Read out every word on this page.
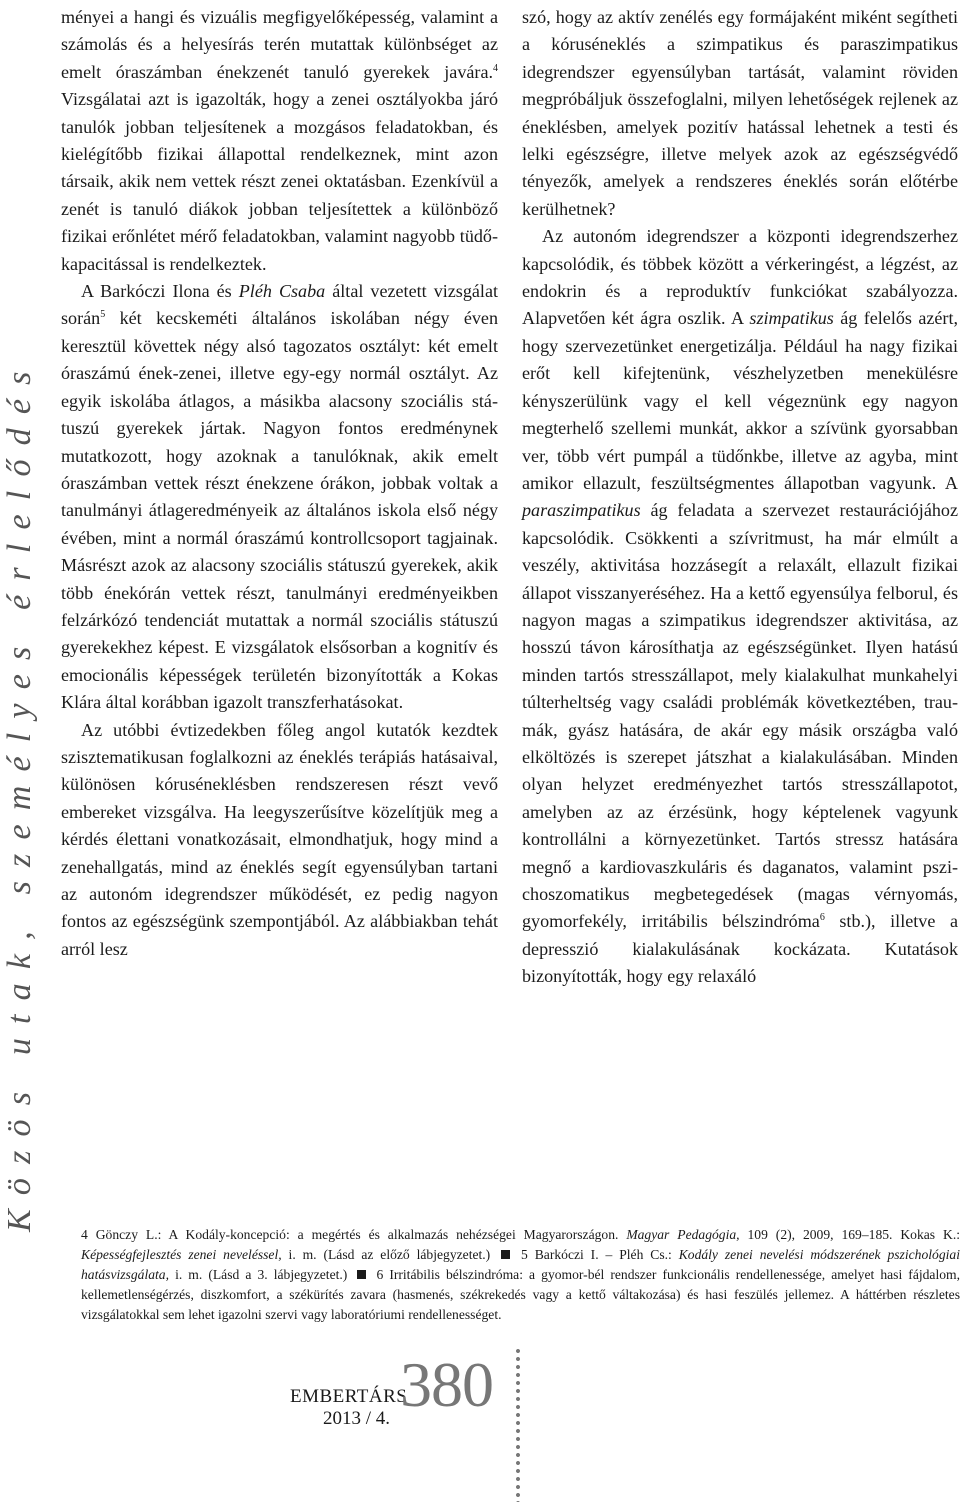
Közös utak, személyes érlelődés

ményei a hangi és vizuális megfigyelőképesség, valamint a számolás és a helyesírás terén mutattak különbséget az emelt óraszámban énekzenét tanuló gyerekek javára.$^4$ Vizsgálatai azt is igazolták, hogy a zenei osztályokba járó tanulók jobban teljesítenek a mozgásos feladatokban, és kielégítőbb fizikai állapottal rendelkeznek, mint azon társaik, akik nem vettek részt zenei oktatásban. Ezenkívül a zenét is tanuló diákok jobban teljesítettek a különböző fizikai erőnlétet mérő feladatokban, valamint nagyobb tüdőkapacitással is rendelkeztek.

A Barkóczi Ilona és Pléh Csaba által vezetett vizsgálat során$^5$ két kecskeméti általános iskolában négy éven keresztül követtek négy alsó tagozatos osztályt: két emelt óraszámú ének-zenei, illetve egy-egy normál osztályt. Az egyik iskolába átlagos, a másikba alacsony szociális státuszú gyerekek jártak. Nagyon fontos eredménynek mutatkozott, hogy azoknak a tanulóknak, akik emelt óraszámban vettek részt énekzene órákon, jobbak voltak a tanulmányi átlageredményeik az általános iskola első négy évében, mint a normál óraszámú kontrollcsoport tagjainak. Másrészt azok az alacsony szociális státuszú gyerekek, akik több énekórán vettek részt, tanulmányi eredményeikben felzárkózó tendenciát mutattak a normál szociális státuszú gyerekekhez képest. E vizsgálatok elsősorban a kognitív és emocionális képességek területén bizonyították a Kokas Klára által korábban igazolt transzferhatásokat.

Az utóbbi évtizedekben főleg angol kutatók kezdtek szisztematikusan foglalkozni az éneklés terápiás hatásaival, különösen kóruséneklésben rendszeresen részt vevő embereket vizsgálva. Ha leegyszerűsítve közelítjük meg a kérdés élettani vonatkozásait, elmondhatjuk, hogy mind a zenehallgatás, mind az éneklés segít egyensúlyban tartani az autonóm idegrendszer működését, ez pedig nagyon fontos az egészségünk szempontjából. Az alábbiakban tehát arról lesz

szó, hogy az aktív zenélés egy formájaként miként segítheti a kóruséneklés a szimpatikus és paraszimpatikus idegrendszer egyensúlyban tartását, valamint röviden megpróbáljuk összefoglalni, milyen lehetőségek rejlenek az éneklésben, amelyek pozitív hatással lehetnek a testi és lelki egészségre, illetve melyek azok az egészségvédő tényezők, amelyek a rendszeres éneklés során előtérbe kerülhetnek?

Az autonóm idegrendszer a központi idegrendszerhez kapcsolódik, és többek között a vérkeringést, a légzést, az endokrin és a reproduktív funkciókat szabályozza. Alapvetően két ágra oszlik. A szimpatikus ág felelős azért, hogy szervezetünket energetizálja. Például ha nagy fizikai erőt kell kifejtenünk, vészhelyzetben menekülésre kényszerülünk vagy el kell végeznünk egy nagyon megterhelő szellemi munkát, akkor a szívünk gyorsabban ver, több vért pumpál a tüdőnkbe, illetve az agyba, mint amikor ellazult, feszültségmentes állapotban vagyunk. A paraszimpatikus ág feladata a szervezet restaurációjához kapcsolódik. Csökkenti a szívritmust, ha már elmúlt a veszély, aktivitása hozzásegít a relaxált, ellazult fizikai állapot visszanyeréséhez. Ha a kettő egyensúlya felborul, és nagyon magas a szimpatikus idegrendszer aktivitása, az hosszú távon károsíthatja az egészségünket. Ilyen hatású minden tartós stresszállapot, mely kialakulhat munkahelyi túlterheltség vagy családi problémák következtében, traumák, gyász hatására, de akár egy másik országba való elköltözés is szerepet játszhat a kialakulásában. Minden olyan helyzet eredményezhet tartós stresszállapotot, amelyben az az érzésünk, hogy képtelenek vagyunk kontrollálni a környezetünket. Tartós stressz hatására megnő a kardiovaszkuláris és daganatos, valamint pszichoszomatikus megbetegedések (magas vérnyomás, gyomorfekély, irritábilis bélszindróma$^6$ stb.), illetve a depresszió kialakulásának kockázata. Kutatások bizonyították, hogy egy relaxáló

4 Gönczy L.: A Kodály-koncepció: a megértés és alkalmazás nehézségei Magyarországon. Magyar Pedagógia, 109 (2), 2009, 169–185. Kokas K.: Képességfejlesztés zenei neveléssel, i. m. (Lásd az előző lábjegyzetet.) 5 Barkóczi I. – Pléh Cs.: Kodály zenei nevelési módszerének pszichológiai hatásvizsgálata, i. m. (Lásd a 3. lábjegyzetet.) 6 Irritábilis bélszindróma: a gyomor-bél rendszer funkcionális rendellenessége, amelyet hasi fájdalom, kellemetlenségérzés, diszkomfort, a székürítés zavara (hasmenés, székrekedés vagy a kettő váltakozása) és hasi feszülés jellemez. A háttérben részletes vizsgálatokkal sem lehet igazolni szervi vagy laboratóriumi rendellenességet.
EMBERTÁRS
2013 / 4. 380
